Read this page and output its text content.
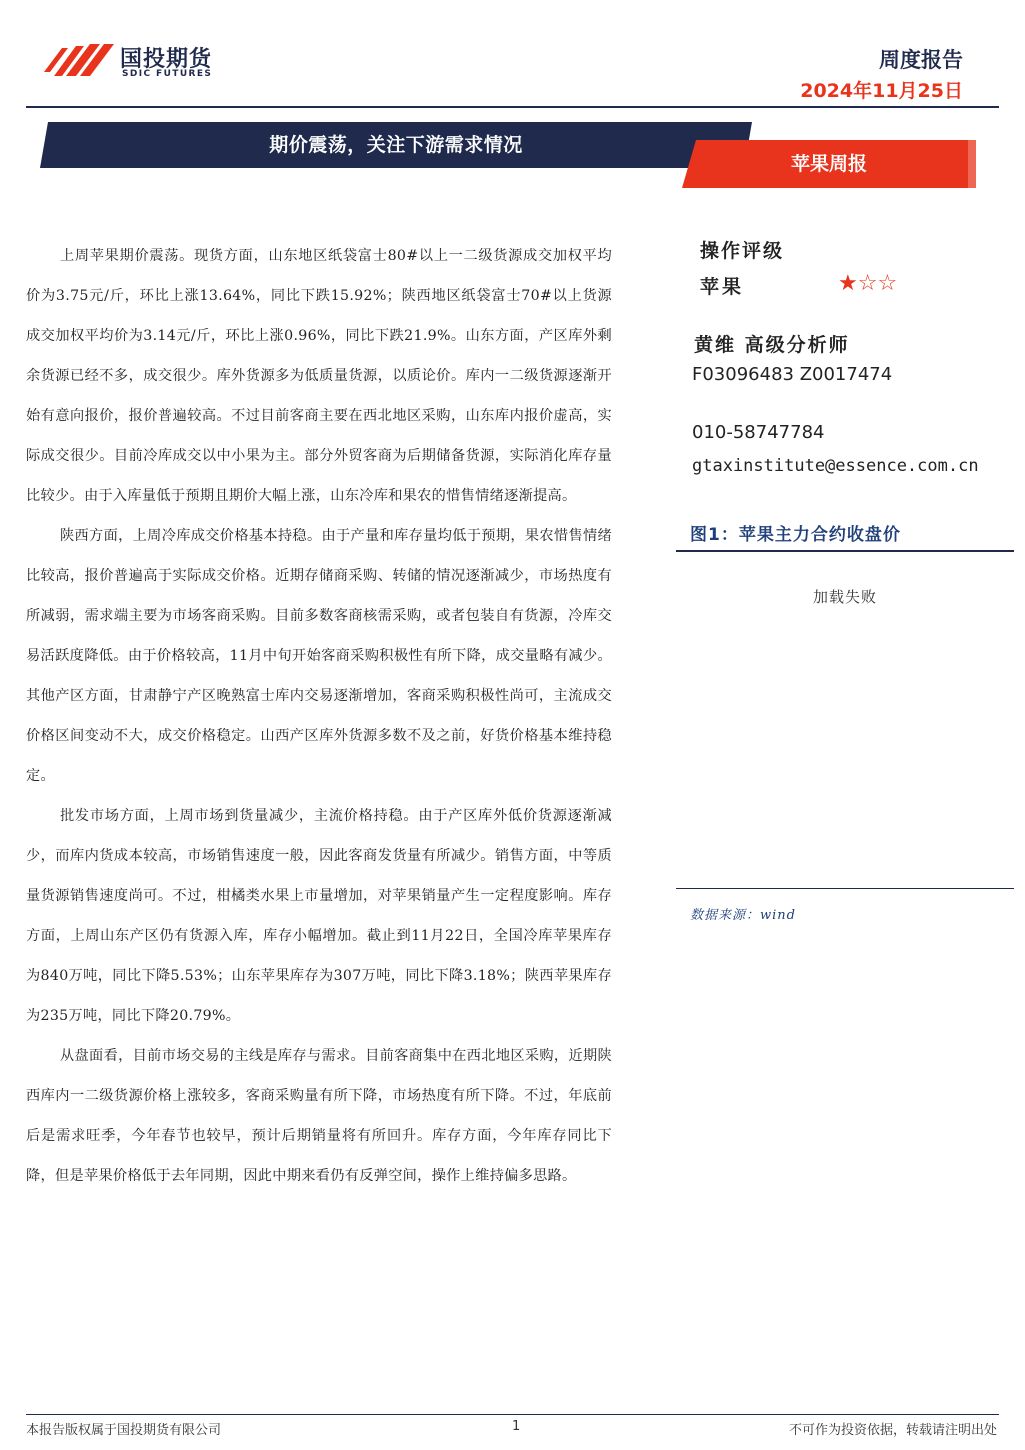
国投期货
SDIC FUTURES
周度报告
2024年11月25日
期价震荡，关注下游需求情况
苹果周报

上周苹果期价震荡。现货方面，山东地区纸袋富士80#以上一二级货源成交加权平均价为3.75元/斤，环比上涨13.64%，同比下跌15.92%；陕西地区纸袋富士70#以上货源成交加权平均价为3.14元/斤，环比上涨0.96%，同比下跌21.9%。山东方面，产区库外剩余货源已经不多，成交很少。库外货源多为低质量货源，以质论价。库内一二级货源逐渐开始有意向报价，报价普遍较高。不过目前客商主要在西北地区采购，山东库内报价虚高，实际成交很少。目前冷库成交以中小果为主。部分外贸客商为后期储备货源，实际消化库存量比较少。由于入库量低于预期且期价大幅上涨，山东冷库和果农的惜售情绪逐渐提高。

陕西方面，上周冷库成交价格基本持稳。由于产量和库存量均低于预期，果农惜售情绪比较高，报价普遍高于实际成交价格。近期存储商采购、转储的情况逐渐减少，市场热度有所减弱，需求端主要为市场客商采购。目前多数客商核需采购，或者包装自有货源，冷库交易活跃度降低。由于价格较高，11月中旬开始客商采购积极性有所下降，成交量略有减少。其他产区方面，甘肃静宁产区晚熟富士库内交易逐渐增加，客商采购积极性尚可，主流成交价格区间变动不大，成交价格稳定。山西产区库外货源多数不及之前，好货价格基本维持稳定。

批发市场方面，上周市场到货量减少，主流价格持稳。由于产区库外低价货源逐渐减少，而库内货成本较高，市场销售速度一般，因此客商发货量有所减少。销售方面，中等质量货源销售速度尚可。不过，柑橘类水果上市量增加，对苹果销量产生一定程度影响。库存方面，上周山东产区仍有货源入库，库存小幅增加。截止到11月22日，全国冷库苹果库存为840万吨，同比下降5.53%；山东苹果库存为307万吨，同比下降3.18%；陕西苹果库存为235万吨，同比下降20.79%。

从盘面看，目前市场交易的主线是库存与需求。目前客商集中在西北地区采购，近期陕西库内一二级货源价格上涨较多，客商采购量有所下降，市场热度有所下降。不过，年底前后是需求旺季，今年春节也较早，预计后期销量将有所回升。库存方面，今年库存同比下降，但是苹果价格低于去年同期，因此中期来看仍有反弹空间，操作上维持偏多思路。

操作评级
苹果	★☆☆
黄维 高级分析师
F03096483 Z0017474
010-58747784
gtaxinstitute@essence.com.cn
图1：苹果主力合约收盘价
加载失败
数据来源：wind
本报告版权属于国投期货有限公司	1	不可作为投资依据，转载请注明出处
